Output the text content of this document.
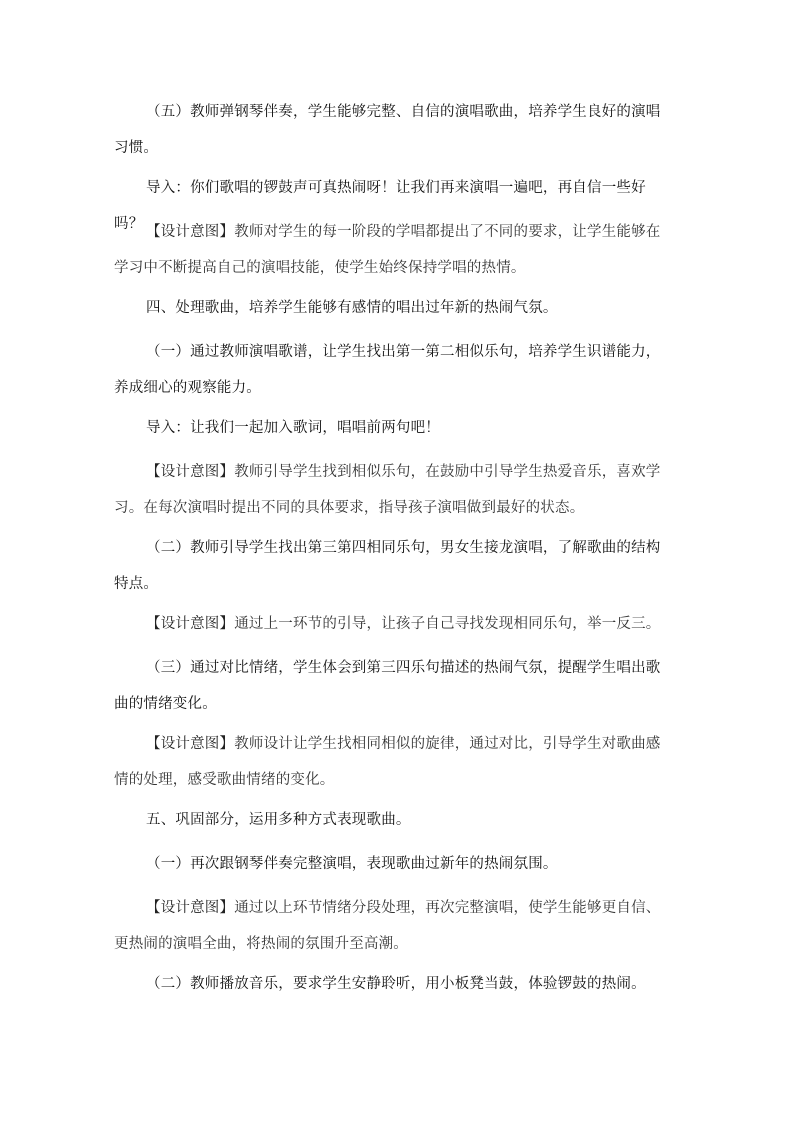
（五）教师弹钢琴伴奏，学生能够完整、自信的演唱歌曲，培养学生良好的演唱习惯。

导入：你们歌唱的锣鼓声可真热闹呀！让我们再来演唱一遍吧，再自信一些好吗？ 【设计意图】教师对学生的每一阶段的学唱都提出了不同的要求，让学生能够在学习中不断提高自己的演唱技能，使学生始终保持学唱的热情。

四、处理歌曲，培养学生能够有感情的唱出过年新的热闹气氛。

（一）通过教师演唱歌谱，让学生找出第一第二相似乐句，培养学生识谱能力，养成细心的观察能力。

导入：让我们一起加入歌词，唱唱前两句吧！

【设计意图】教师引导学生找到相似乐句，在鼓励中引导学生热爱音乐，喜欢学习。在每次演唱时提出不同的具体要求，指导孩子演唱做到最好的状态。

（二）教师引导学生找出第三第四相同乐句，男女生接龙演唱，了解歌曲的结构特点。

【设计意图】通过上一环节的引导，让孩子自己寻找发现相同乐句，举一反三。

（三）通过对比情绪，学生体会到第三四乐句描述的热闹气氛，提醒学生唱出歌曲的情绪变化。

【设计意图】教师设计让学生找相同相似的旋律，通过对比，引导学生对歌曲感情的处理，感受歌曲情绪的变化。

五、巩固部分，运用多种方式表现歌曲。

（一）再次跟钢琴伴奏完整演唱，表现歌曲过新年的热闹氛围。

【设计意图】通过以上环节情绪分段处理，再次完整演唱，使学生能够更自信、更热闹的演唱全曲，将热闹的氛围升至高潮。

（二）教师播放音乐，要求学生安静聆听，用小板凳当鼓，体验锣鼓的热闹。
